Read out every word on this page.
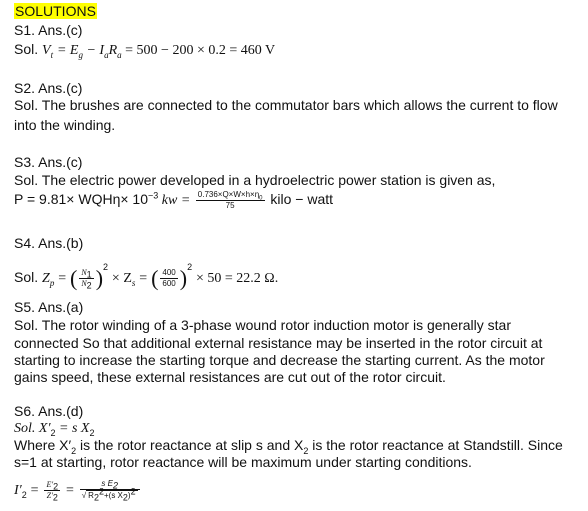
SOLUTIONS
S1. Ans.(c)
Sol. $V_t = E_g - I_aR_a = 500 - 200 \times 0.2 = 460$ V
S2. Ans.(c)
Sol. The brushes are connected to the commutator bars which allows the current to flow
into the winding.
S3. Ans.(c)
Sol. The electric power developed in a hydroelectric power station is given as,
$P = 9.81\times WQH\eta\times 10^{-3}$ kw = $\frac{0.736\times Q\times W\times h\times\eta_0}{75}$ kilo − watt
S4. Ans.(b)
Sol. $Z_p$ = ( $\frac{N_1}{N_2} )^2 \times Z_s$ = ( $\frac{400}{600} )^2 \times 50 = 22.2$ Ω.
S5. Ans.(a)
Sol. The rotor winding of a 3-phase wound rotor induction motor is generally star
connected So that additional external resistance may be inserted in the rotor circuit at
starting to increase the starting torque and decrease the starting current. As the motor
gains speed, these external resistances are cut out of the rotor circuit.
S6. Ans.(d)
Sol. $X'_2 = s$ $X_2$
Where $X'_2$ is the rotor reactance at slip s and $X_2$ is the rotor reactance at Standstill. Since
s=1 at starting, rotor reactance will be maximum under starting conditions.
$I'_2 = \frac{E'_2}{Z'_2} = \frac{s E_2}{√ R_2^2+(s X_2)^2}$
